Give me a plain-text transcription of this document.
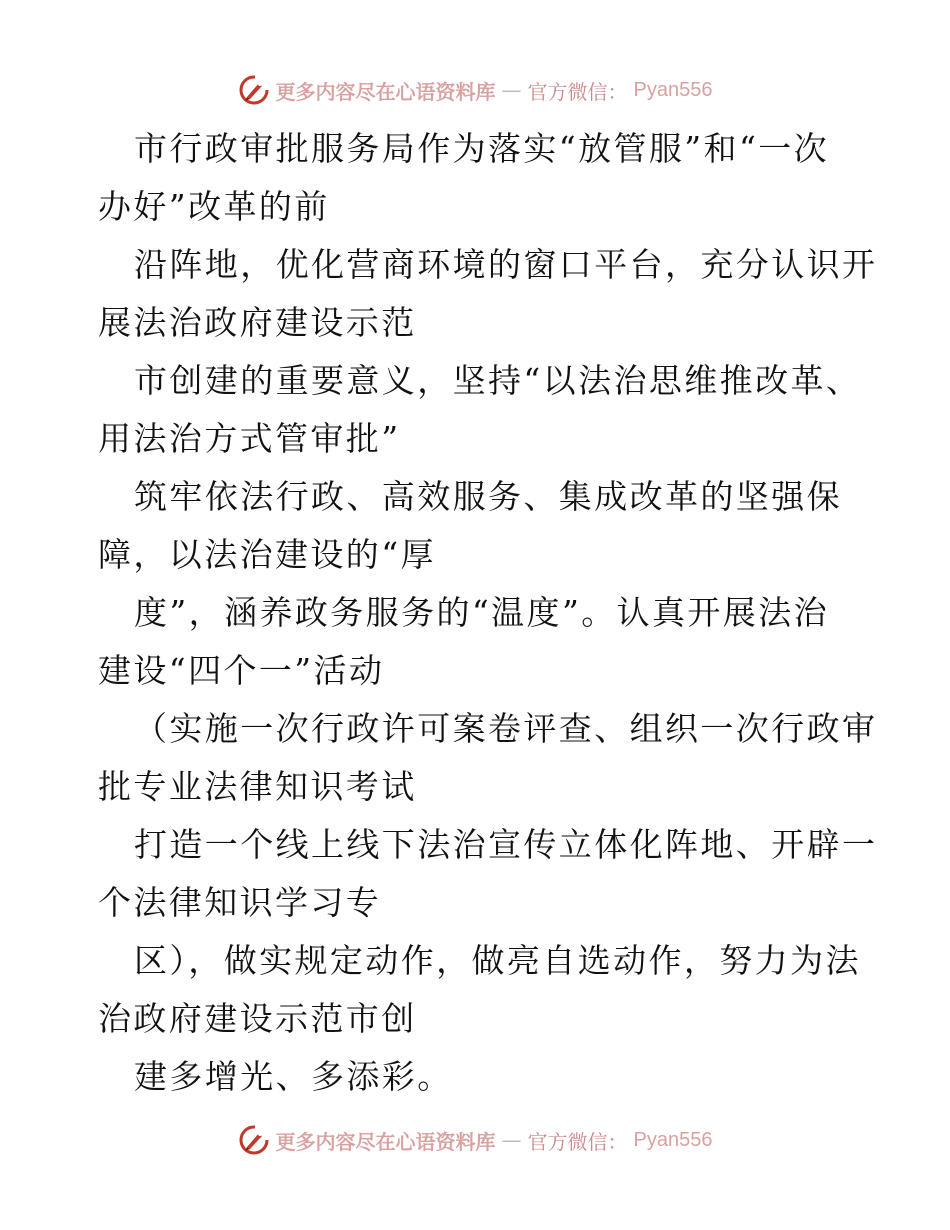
更多内容尽在心语资料库 — 官方微信： Pyan556
市行政审批服务局作为落实“放管服”和“一次
办好”改革的前
沿阵地，优化营商环境的窗口平台，充分认识开
展法治政府建设示范
市创建的重要意义，坚持“以法治思维推改革、
用法治方式管审批”
筑牢依法行政、高效服务、集成改革的坚强保
障，以法治建设的“厚
度”，涵养政务服务的“温度”。认真开展法治
建设“四个一”活动
（实施一次行政许可案卷评查、组织一次行政审
批专业法律知识考试
打造一个线上线下法治宣传立体化阵地、开辟一
个法律知识学习专
区），做实规定动作，做亮自选动作，努力为法
治政府建设示范市创
建多增光、多添彩。
更多内容尽在心语资料库 — 官方微信： Pyan556
